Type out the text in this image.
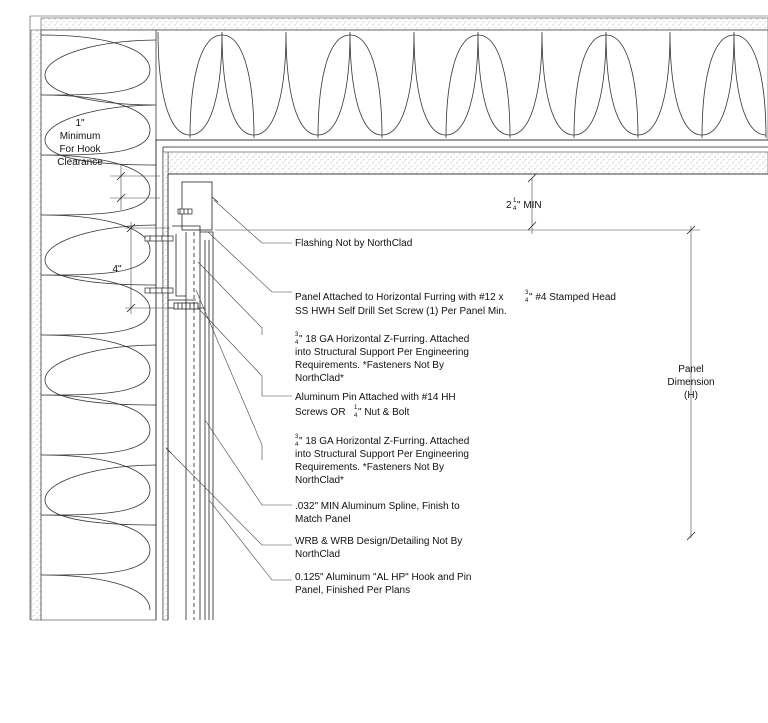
1"
Minimum
For Hook
Clearance
4"
2 1
4 " MIN
Panel
Dimension
(H)
Flashing Not by NorthClad
Panel Attached to Horizontal Furring with #12 x	3
4 " #4 Stamped Head
SS HWH Self Drill Set Screw (1) Per Panel Min.
3
4 " 18 GA Horizontal Z-Furring. Attached
into Structural Support Per Engineering
Requirements. *Fasteners Not By
NorthClad*
Aluminum Pin Attached with #14 HH
Screws OR 1
4 " Nut & Bolt
3
4 " 18 GA Horizontal Z-Furring. Attached
into Structural Support Per Engineering
Requirements. *Fasteners Not By
NorthClad*
.032" MIN Aluminum Spline, Finish to
Match Panel
WRB & WRB Design/Detailing Not By
NorthClad
0.125" Aluminum "AL HP" Hook and Pin
Panel, Finished Per Plans
